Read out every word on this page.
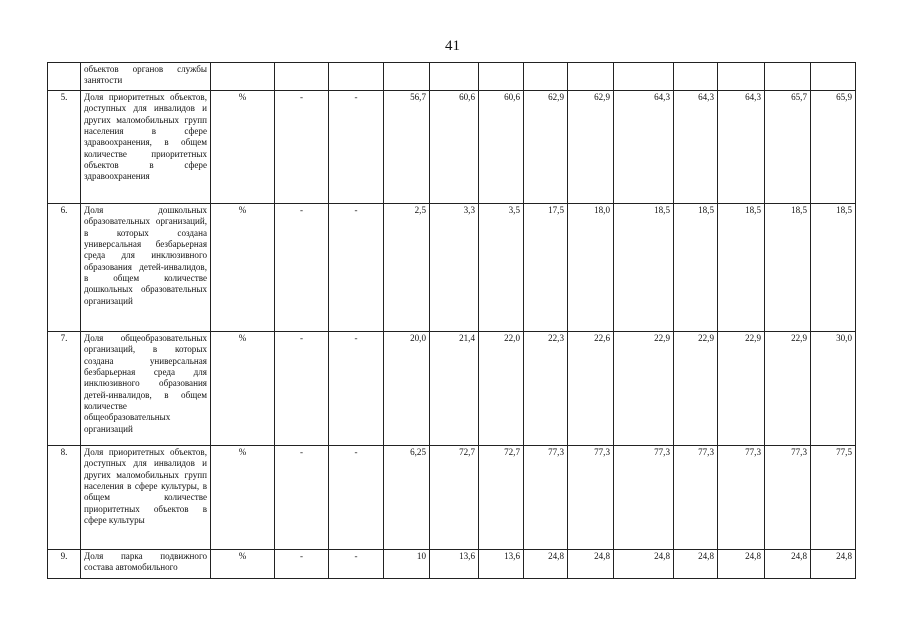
41
	объектов органов службы занятости													
5.	Доля приоритетных объектов, доступных для инвалидов и других маломобильных групп населения в сфере здравоохранения, в общем количестве приоритетных объектов в сфере здравоохранения	%	-	-	56,7	60,6	60,6	62,9	62,9	64,3	64,3	64,3	65,7	65,9
6.	Доля дошкольных образовательных организаций, в которых создана универсальная безбарьерная среда для инклюзивного образования детей-инвалидов, в общем количестве дошкольных образовательных организаций	%	-	-	2,5	3,3	3,5	17,5	18,0	18,5	18,5	18,5	18,5	18,5
7.	Доля общеобразовательных организаций, в которых создана универсальная безбарьерная среда для инклюзивного образования детей-инвалидов, в общем количестве общеобразовательных организаций	%	-	-	20,0	21,4	22,0	22,3	22,6	22,9	22,9	22,9	22,9	30,0
8.	Доля приоритетных объектов, доступных для инвалидов и других маломобильных групп населения в сфере культуры, в общем количестве приоритетных объектов в сфере культуры	%	-	-	6,25	72,7	72,7	77,3	77,3	77,3	77,3	77,3	77,3	77,5
9.	Доля парка подвижного состава автомобильного	%	-	-	10	13,6	13,6	24,8	24,8	24,8	24,8	24,8	24,8	24,8
